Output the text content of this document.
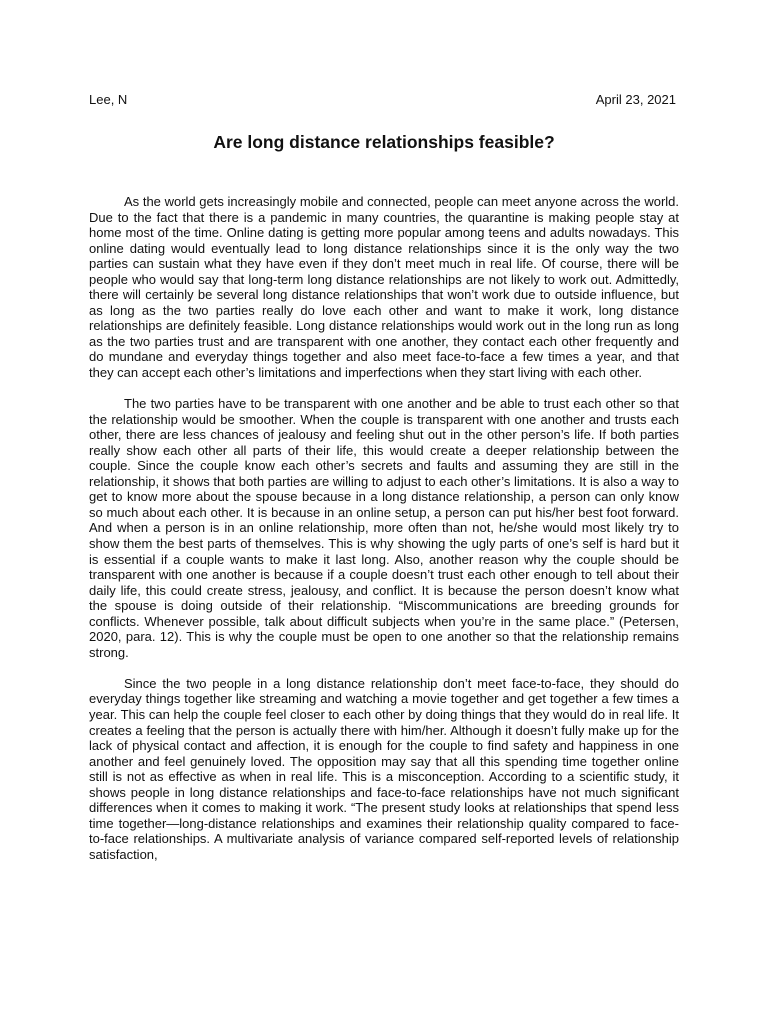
Lee, N	April 23, 2021
Are long distance relationships feasible?

As the world gets increasingly mobile and connected, people can meet anyone across the world. Due to the fact that there is a pandemic in many countries, the quarantine is making people stay at home most of the time. Online dating is getting more popular among teens and adults nowadays. This online dating would eventually lead to long distance relationships since it is the only way the two parties can sustain what they have even if they don’t meet much in real life. Of course, there will be people who would say that long-term long distance relationships are not likely to work out. Admittedly, there will certainly be several long distance relationships that won’t work due to outside influence, but as long as the two parties really do love each other and want to make it work, long distance relationships are definitely feasible. Long distance relationships would work out in the long run as long as the two parties trust and are transparent with one another, they contact each other frequently and do mundane and everyday things together and also meet face-to-face a few times a year, and that they can accept each other’s limitations and imperfections when they start living with each other.

The two parties have to be transparent with one another and be able to trust each other so that the relationship would be smoother. When the couple is transparent with one another and trusts each other, there are less chances of jealousy and feeling shut out in the other person’s life. If both parties really show each other all parts of their life, this would create a deeper relationship between the couple. Since the couple know each other’s secrets and faults and assuming they are still in the relationship, it shows that both parties are willing to adjust to each other’s limitations. It is also a way to get to know more about the spouse because in a long distance relationship, a person can only know so much about each other. It is because in an online setup, a person can put his/her best foot forward. And when a person is in an online relationship, more often than not, he/she would most likely try to show them the best parts of themselves. This is why showing the ugly parts of one’s self is hard but it is essential if a couple wants to make it last long. Also, another reason why the couple should be transparent with one another is because if a couple doesn’t trust each other enough to tell about their daily life, this could create stress, jealousy, and conflict. It is because the person doesn’t know what the spouse is doing outside of their relationship. “Miscommunications are breeding grounds for conflicts. Whenever possible, talk about difficult subjects when you’re in the same place.” (Petersen, 2020, para. 12). This is why the couple must be open to one another so that the relationship remains strong.

Since the two people in a long distance relationship don’t meet face-to-face, they should do everyday things together like streaming and watching a movie together and get together a few times a year. This can help the couple feel closer to each other by doing things that they would do in real life. It creates a feeling that the person is actually there with him/her. Although it doesn’t fully make up for the lack of physical contact and affection, it is enough for the couple to find safety and happiness in one another and feel genuinely loved. The opposition may say that all this spending time together online still is not as effective as when in real life. This is a misconception. According to a scientific study, it shows people in long distance relationships and face-to-face relationships have not much significant differences when it comes to making it work. “The present study looks at relationships that spend less time together—long-distance relationships and examines their relationship quality compared to face-to-face relationships. A multivariate analysis of variance compared self-reported levels of relationship satisfaction,
